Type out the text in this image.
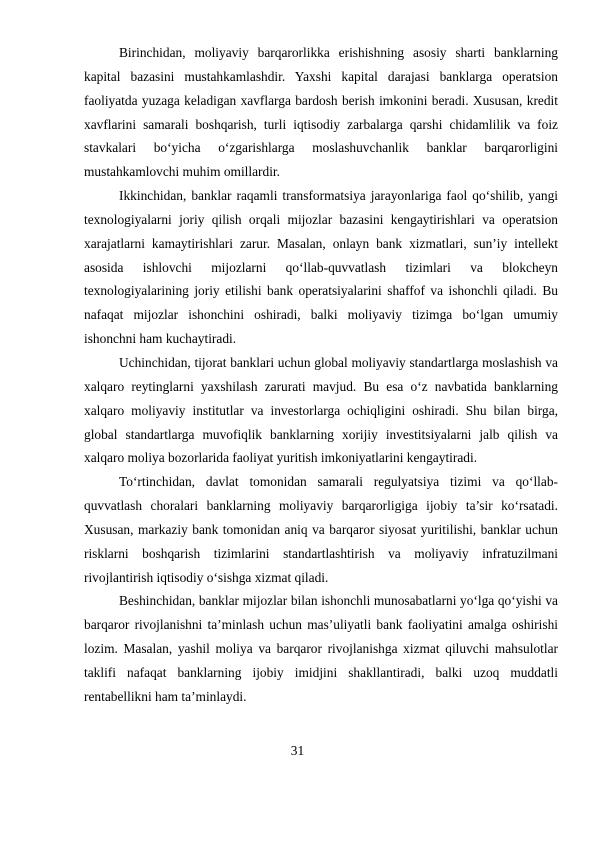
Birinchidan, moliyaviy barqarorlikka erishishning asosiy sharti banklarning kapital bazasini mustahkamlashdir. Yaxshi kapital darajasi banklarga operatsion faoliyatda yuzaga keladigan xavflarga bardosh berish imkonini beradi. Xususan, kredit xavflarini samarali boshqarish, turli iqtisodiy zarbalarga qarshi chidamlilik va foiz stavkalari bo‘yicha o‘zgarishlarga moslashuvchanlik banklar barqarorligini mustahkamlovchi muhim omillardir.

Ikkinchidan, banklar raqamli transformatsiya jarayonlariga faol qo‘shilib, yangi texnologiyalarni joriy qilish orqali mijozlar bazasini kengaytirishlari va operatsion xarajatlarni kamaytirishlari zarur. Masalan, onlayn bank xizmatlari, sun’iy intellekt asosida ishlovchi mijozlarni qo‘llab-quvvatlash tizimlari va blokcheyn texnologiyalarining joriy etilishi bank operatsiyalarini shaffof va ishonchli qiladi. Bu nafaqat mijozlar ishonchini oshiradi, balki moliyaviy tizimga bo‘lgan umumiy ishonchni ham kuchaytiradi.

Uchinchidan, tijorat banklari uchun global moliyaviy standartlarga moslashish va xalqaro reytinglarni yaxshilash zarurati mavjud. Bu esa o‘z navbatida banklarning xalqaro moliyaviy institutlar va investorlarga ochiqligini oshiradi. Shu bilan birga, global standartlarga muvofiqlik banklarning xorijiy investitsiyalarni jalb qilish va xalqaro moliya bozorlarida faoliyat yuritish imkoniyatlarini kengaytiradi.

To‘rtinchidan, davlat tomonidan samarali regulyatsiya tizimi va qo‘llab-quvvatlash choralari banklarning moliyaviy barqarorligiga ijobiy ta’sir ko‘rsatadi. Xususan, markaziy bank tomonidan aniq va barqaror siyosat yuritilishi, banklar uchun risklarni boshqarish tizimlarini standartlashtirish va moliyaviy infratuzilmani rivojlantirish iqtisodiy o‘sishga xizmat qiladi.

Beshinchidan, banklar mijozlar bilan ishonchli munosabatlarni yo‘lga qo‘yishi va barqaror rivojlanishni ta’minlash uchun mas’uliyatli bank faoliyatini amalga oshirishi lozim. Masalan, yashil moliya va barqaror rivojlanishga xizmat qiluvchi mahsulotlar taklifi nafaqat banklarning ijobiy imidjini shakllantiradi, balki uzoq muddatli rentabellikni ham ta’minlaydi.

31
